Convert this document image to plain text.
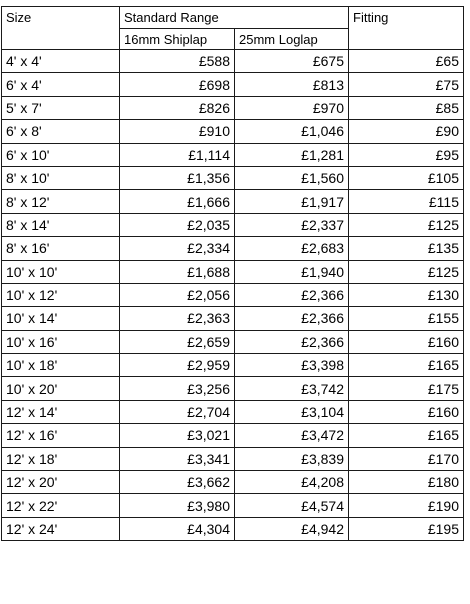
Size	Standard Range		Fitting
	16mm Shiplap	25mm Loglap	
4' x 4'	£588	£675	£65
6' x 4'	£698	£813	£75
5' x 7'	£826	£970	£85
6' x 8'	£910	£1,046	£90
6' x 10'	£1,114	£1,281	£95
8' x 10'	£1,356	£1,560	£105
8' x 12'	£1,666	£1,917	£115
8' x 14'	£2,035	£2,337	£125
8' x 16'	£2,334	£2,683	£135
10' x 10'	£1,688	£1,940	£125
10' x 12'	£2,056	£2,366	£130
10' x 14'	£2,363	£2,366	£155
10' x 16'	£2,659	£2,366	£160
10' x 18'	£2,959	£3,398	£165
10' x 20'	£3,256	£3,742	£175
12' x 14'	£2,704	£3,104	£160
12' x 16'	£3,021	£3,472	£165
12' x 18'	£3,341	£3,839	£170
12' x 20'	£3,662	£4,208	£180
12' x 22'	£3,980	£4,574	£190
12' x 24'	£4,304	£4,942	£195
